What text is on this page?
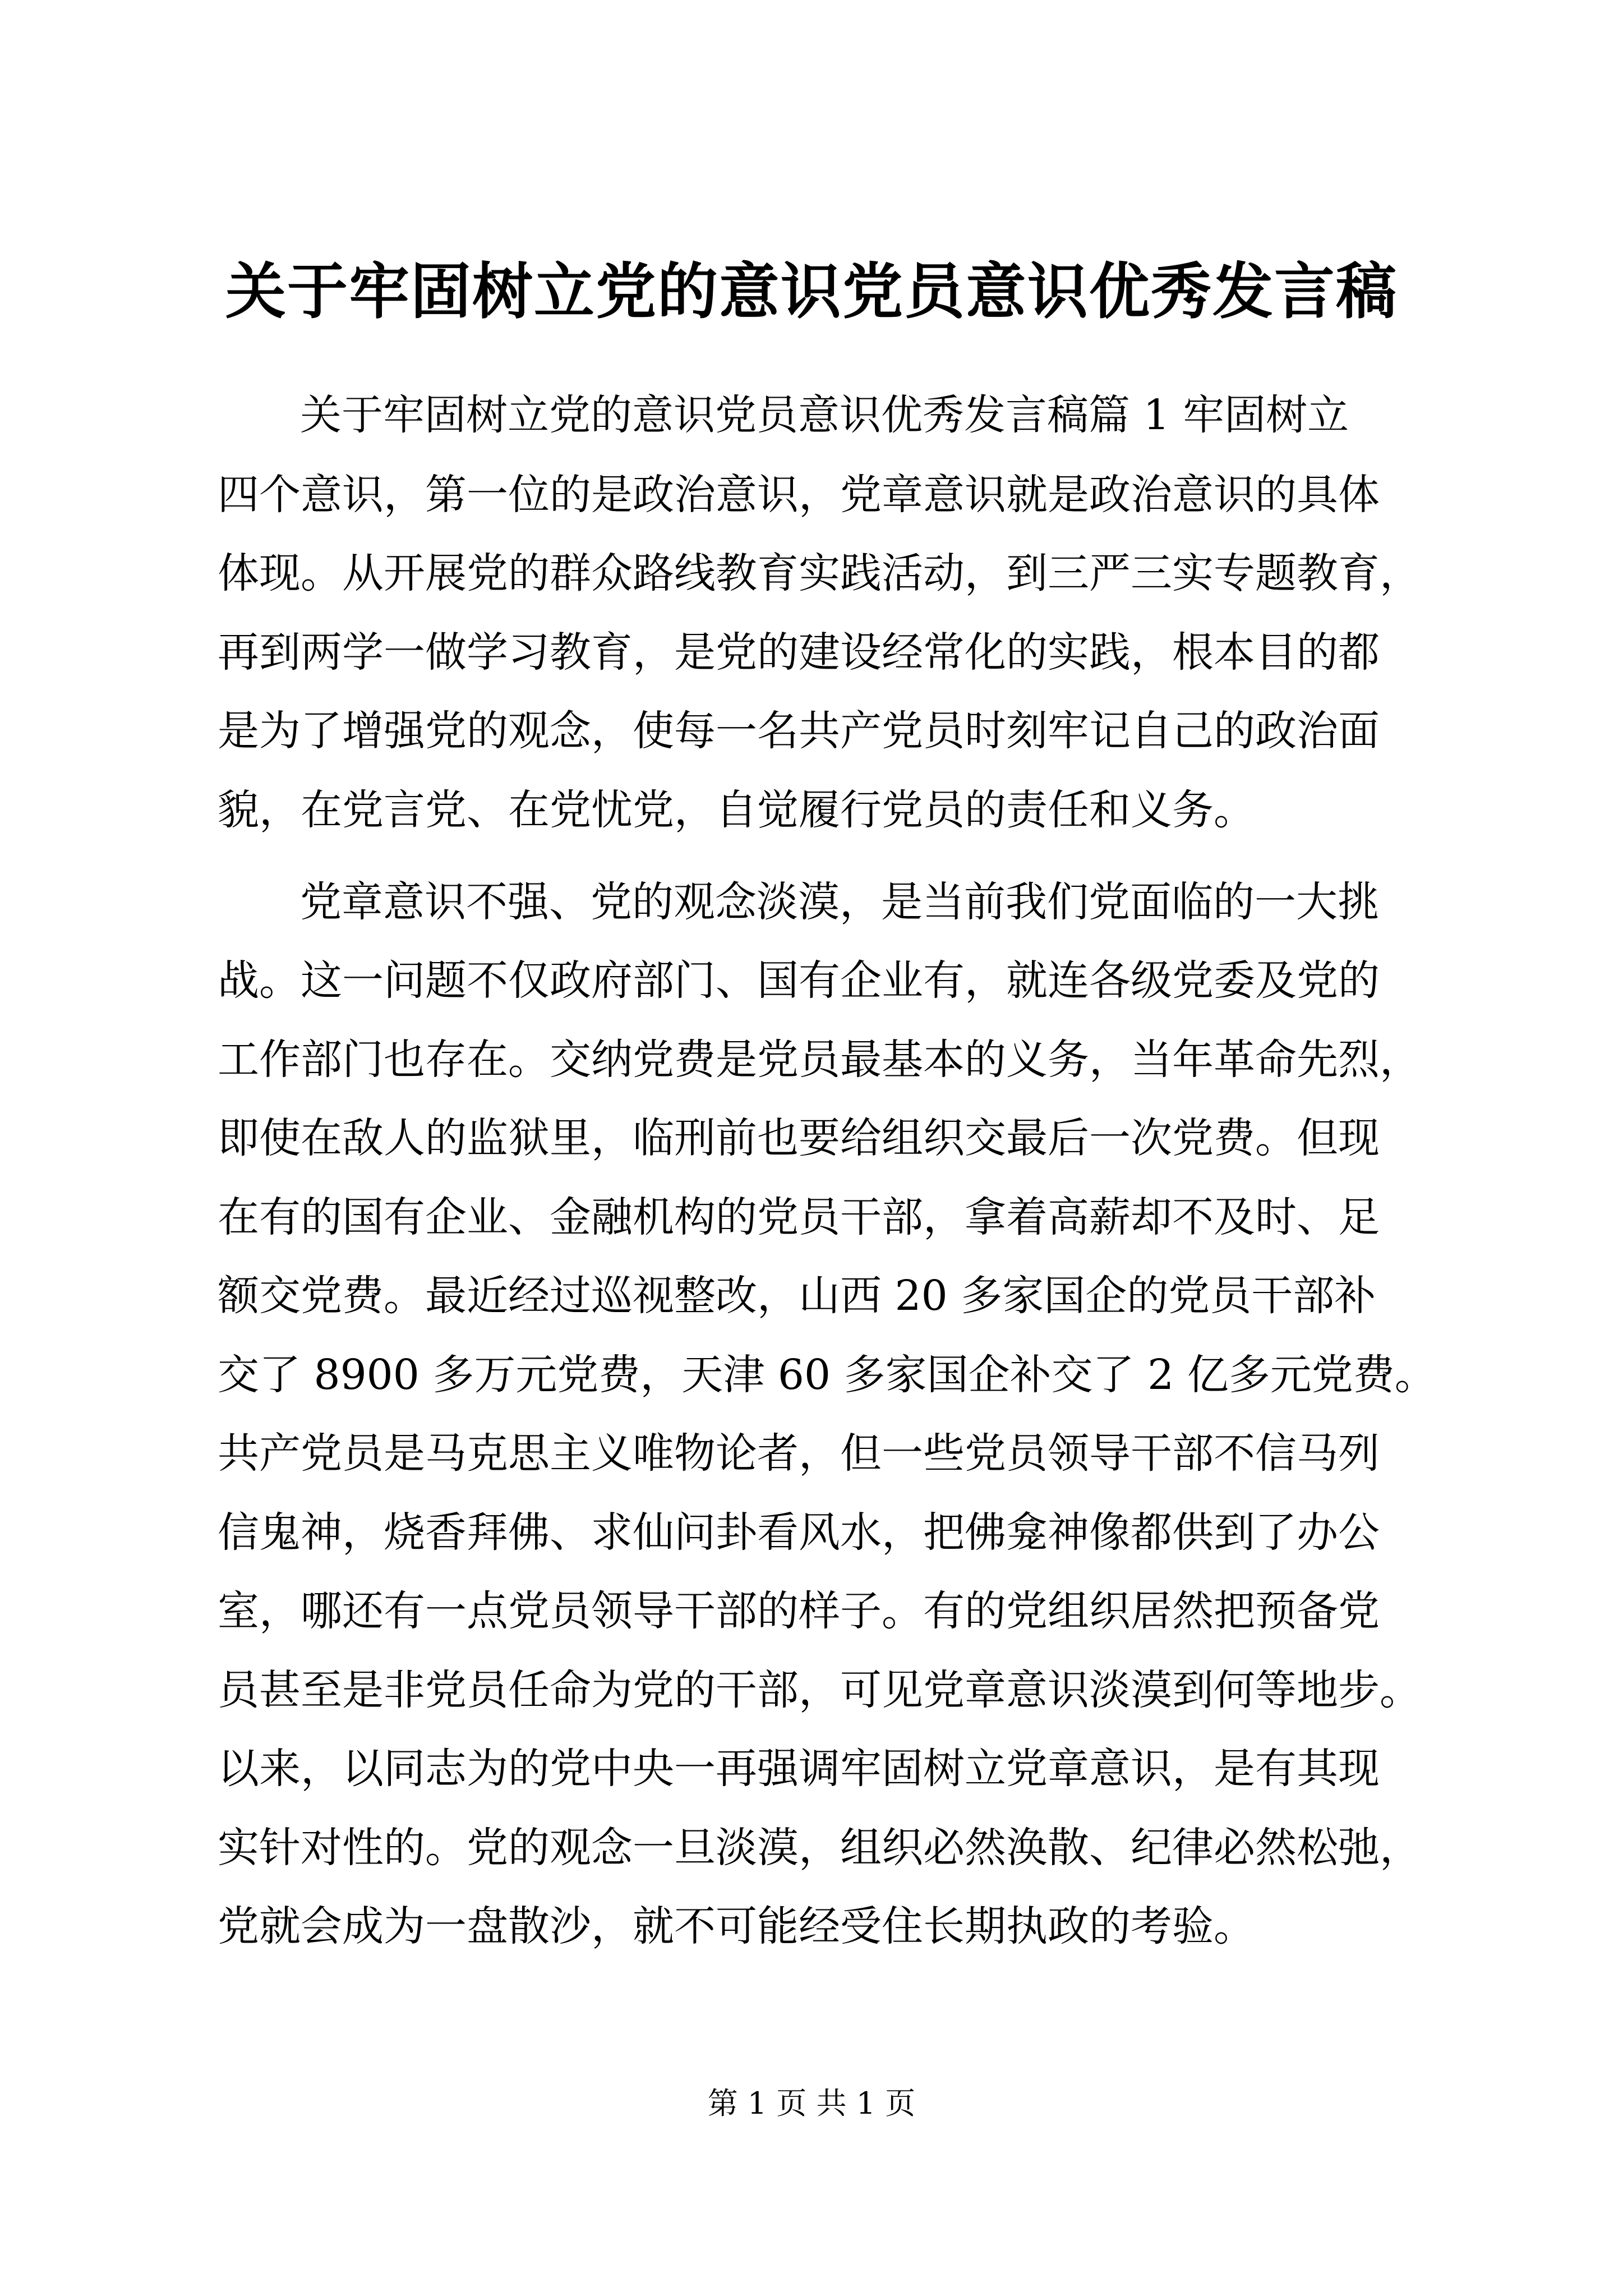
关于牢固树立党的意识党员意识优秀发言稿
关于牢固树立党的意识党员意识优秀发言稿篇 1 牢固树立
四个意识，第一位的是政治意识，党章意识就是政治意识的具体
体现。从开展党的群众路线教育实践活动，到三严三实专题教育，
再到两学一做学习教育，是党的建设经常化的实践，根本目的都
是为了增强党的观念，使每一名共产党员时刻牢记自己的政治面
貌，在党言党、在党忧党，自觉履行党员的责任和义务。
党章意识不强、党的观念淡漠，是当前我们党面临的一大挑
战。这一问题不仅政府部门、国有企业有，就连各级党委及党的
工作部门也存在。交纳党费是党员最基本的义务，当年革命先烈，
即使在敌人的监狱里，临刑前也要给组织交最后一次党费。但现
在有的国有企业、金融机构的党员干部，拿着高薪却不及时、足
额交党费。最近经过巡视整改，山西 20 多家国企的党员干部补
交了 8900 多万元党费，天津 60 多家国企补交了 2 亿多元党费。
共产党员是马克思主义唯物论者，但一些党员领导干部不信马列
信鬼神，烧香拜佛、求仙问卦看风水，把佛龛神像都供到了办公
室，哪还有一点党员领导干部的样子。有的党组织居然把预备党
员甚至是非党员任命为党的干部，可见党章意识淡漠到何等地步。
以来，以同志为的党中央一再强调牢固树立党章意识，是有其现
实针对性的。党的观念一旦淡漠，组织必然涣散、纪律必然松弛，
党就会成为一盘散沙，就不可能经受住长期执政的考验。
第 1 页 共 1 页
